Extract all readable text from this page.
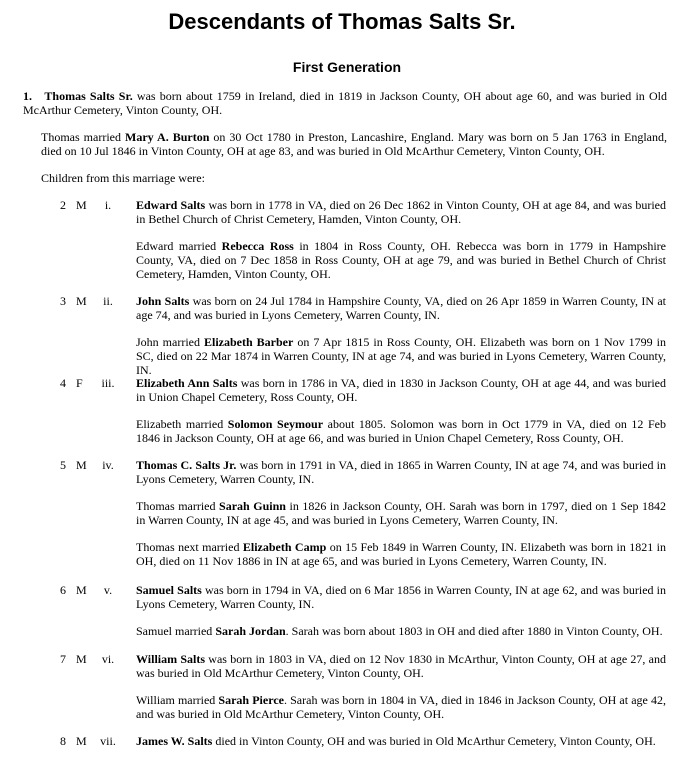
Descendants of Thomas Salts Sr.
First Generation

1. Thomas Salts Sr. was born about 1759 in Ireland, died in 1819 in Jackson County, OH about age 60, and was buried in Old McArthur Cemetery, Vinton County, OH.

Thomas married Mary A. Burton on 30 Oct 1780 in Preston, Lancashire, England. Mary was born on 5 Jan 1763 in England, died on 10 Jul 1846 in Vinton County, OH at age 83, and was buried in Old McArthur Cemetery, Vinton County, OH.

Children from this marriage were:

2 M	i.	Edward Salts was born in 1778 in VA, died on 26 Dec 1862 in Vinton County, OH at age 84, and was buried in Bethel Church of Christ Cemetery, Hamden, Vinton County, OH.

Edward married Rebecca Ross in 1804 in Ross County, OH. Rebecca was born in 1779 in Hampshire County, VA, died on 7 Dec 1858 in Ross County, OH at age 79, and was buried in Bethel Church of Christ Cemetery, Hamden, Vinton County, OH.

3 M	ii.	John Salts was born on 24 Jul 1784 in Hampshire County, VA, died on 26 Apr 1859 in Warren County, IN at age 74, and was buried in Lyons Cemetery, Warren County, IN.

John married Elizabeth Barber on 7 Apr 1815 in Ross County, OH. Elizabeth was born on 1 Nov 1799 in SC, died on 22 Mar 1874 in Warren County, IN at age 74, and was buried in Lyons Cemetery, Warren County, IN.

4 F	iii.	Elizabeth Ann Salts was born in 1786 in VA, died in 1830 in Jackson County, OH at age 44, and was buried in Union Chapel Cemetery, Ross County, OH.

Elizabeth married Solomon Seymour about 1805. Solomon was born in Oct 1779 in VA, died on 12 Feb 1846 in Jackson County, OH at age 66, and was buried in Union Chapel Cemetery, Ross County, OH.

5 M	iv.	Thomas C. Salts Jr. was born in 1791 in VA, died in 1865 in Warren County, IN at age 74, and was buried in Lyons Cemetery, Warren County, IN.

Thomas married Sarah Guinn in 1826 in Jackson County, OH. Sarah was born in 1797, died on 1 Sep 1842 in Warren County, IN at age 45, and was buried in Lyons Cemetery, Warren County, IN.

Thomas next married Elizabeth Camp on 15 Feb 1849 in Warren County, IN. Elizabeth was born in 1821 in OH, died on 11 Nov 1886 in IN at age 65, and was buried in Lyons Cemetery, Warren County, IN.

6 M	v.	Samuel Salts was born in 1794 in VA, died on 6 Mar 1856 in Warren County, IN at age 62, and was buried in Lyons Cemetery, Warren County, IN.

Samuel married Sarah Jordan. Sarah was born about 1803 in OH and died after 1880 in Vinton County, OH.

7 M	vi.	William Salts was born in 1803 in VA, died on 12 Nov 1830 in McArthur, Vinton County, OH at age 27, and was buried in Old McArthur Cemetery, Vinton County, OH.

William married Sarah Pierce. Sarah was born in 1804 in VA, died in 1846 in Jackson County, OH at age 42, and was buried in Old McArthur Cemetery, Vinton County, OH.

8 M	vii.	James W. Salts died in Vinton County, OH and was buried in Old McArthur Cemetery, Vinton County, OH.
